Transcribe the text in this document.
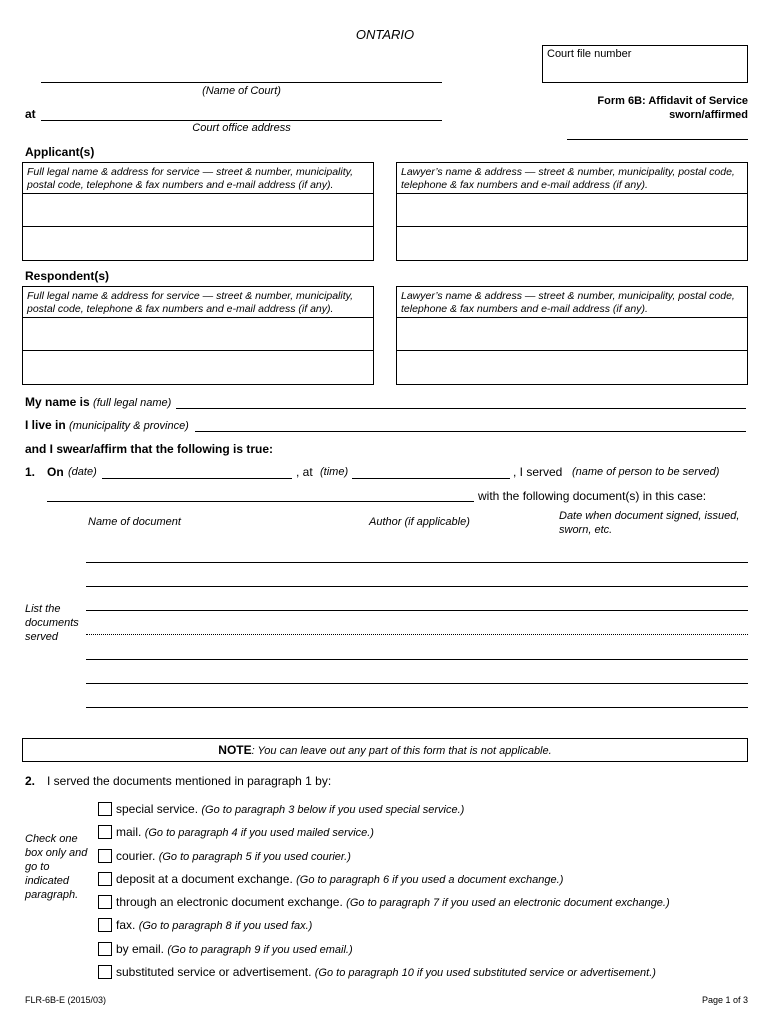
ONTARIO
Court file number
(Name of Court)
at
Court office address
Form 6B: Affidavit of Service
sworn/affirmed
Applicant(s)
Full legal name & address for service — street & number, municipality, postal code, telephone & fax numbers and e-mail address (if any).
Lawyer’s name & address — street & number, municipality, postal code, telephone & fax numbers and e-mail address (if any).
Respondent(s)
Full legal name & address for service — street & number, municipality, postal code, telephone & fax numbers and e-mail address (if any).
Lawyer’s name & address — street & number, municipality, postal code, telephone & fax numbers and e-mail address (if any).
My name is (full legal name)
I live in (municipality & province)
and I swear/affirm that the following is true:
1. On (date)	, at (time)	, I served (name of person to be served)
with the following document(s) in this case:
Name of document	Author (if applicable)	Date when document signed, issued, sworn, etc.
List the documents served
NOTE: You can leave out any part of this form that is not applicable.
2. I served the documents mentioned in paragraph 1 by:
Check one box only and go to indicated paragraph.
special service. (Go to paragraph 3 below if you used special service.)
mail. (Go to paragraph 4 if you used mailed service.)
courier. (Go to paragraph 5 if you used courier.)
deposit at a document exchange. (Go to paragraph 6 if you used a document exchange.)
through an electronic document exchange. (Go to paragraph 7 if you used an electronic document exchange.)
fax. (Go to paragraph 8 if you used fax.)
by email. (Go to paragraph 9 if you used email.)
substituted service or advertisement. (Go to paragraph 10 if you used substituted service or advertisement.)
FLR-6B-E (2015/03)	Page 1 of 3
